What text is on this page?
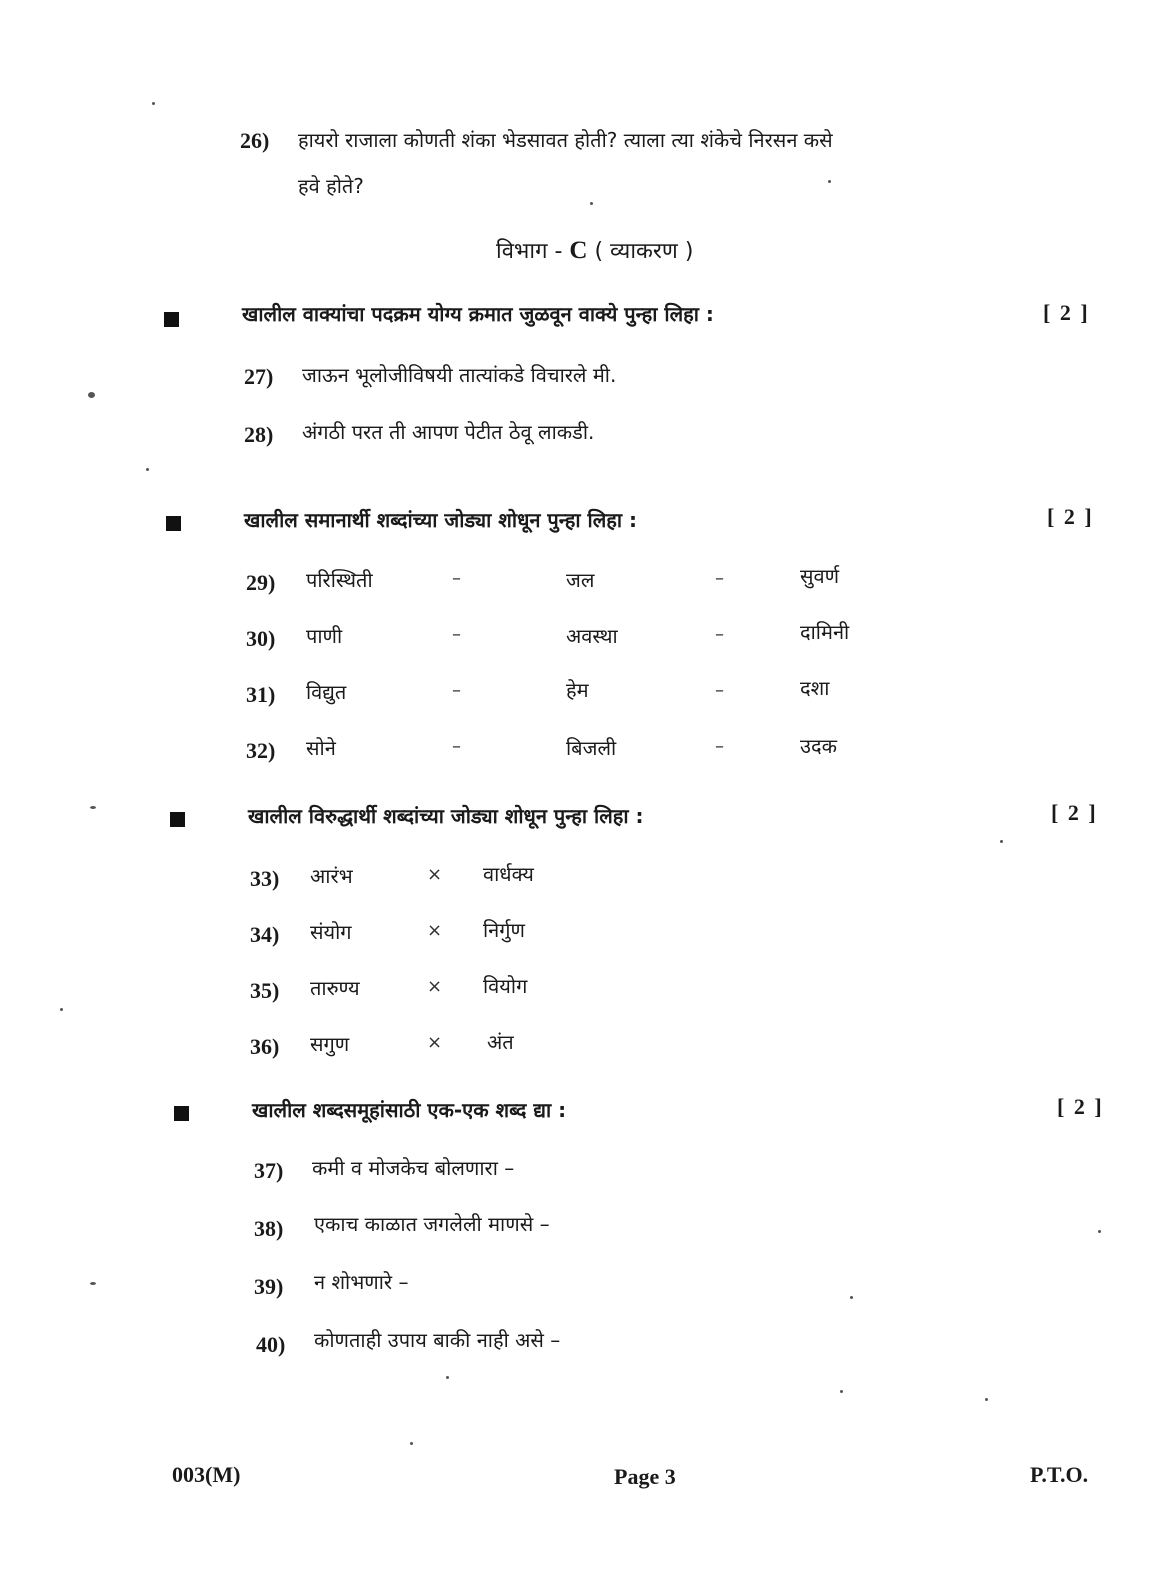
26) हायरो राजाला कोणती शंका भेडसावत होती? त्याला त्या शंकेचे निरसन कसे
हवे होते?
विभाग - C ( व्याकरण )
खालील वाक्यांचा पदक्रम योग्य क्रमात जुळवून वाक्ये पुन्हा लिहा :	[ 2 ]
27) जाऊन भूलोजीविषयी तात्यांकडे विचारले मी.
28) अंगठी परत ती आपण पेटीत ठेवू लाकडी.
खालील समानार्थी शब्दांच्या जोड्या शोधून पुन्हा लिहा :	[ 2 ]
29) परिस्थिती	–	जल	–	सुवर्ण
30) पाणी	–	अवस्था	–	दामिनी
31) विद्युत	–	हेम	–	दशा
32) सोने	–	बिजली	–	उदक
खालील विरुद्धार्थी शब्दांच्या जोड्या शोधून पुन्हा लिहा :	[ 2 ]
33) आरंभ	× वार्धक्य
34) संयोग	× निर्गुण
35) तारुण्य	× वियोग
36) सगुण	× अंत
खालील शब्दसमूहांसाठी एक-एक शब्द द्या :	[ 2 ]
37) कमी व मोजकेच बोलणारा –
38) एकाच काळात जगलेली माणसे –
39) न शोभणारे –
40) कोणताही उपाय बाकी नाही असे –
003(M)	Page 3	P.T.O.
